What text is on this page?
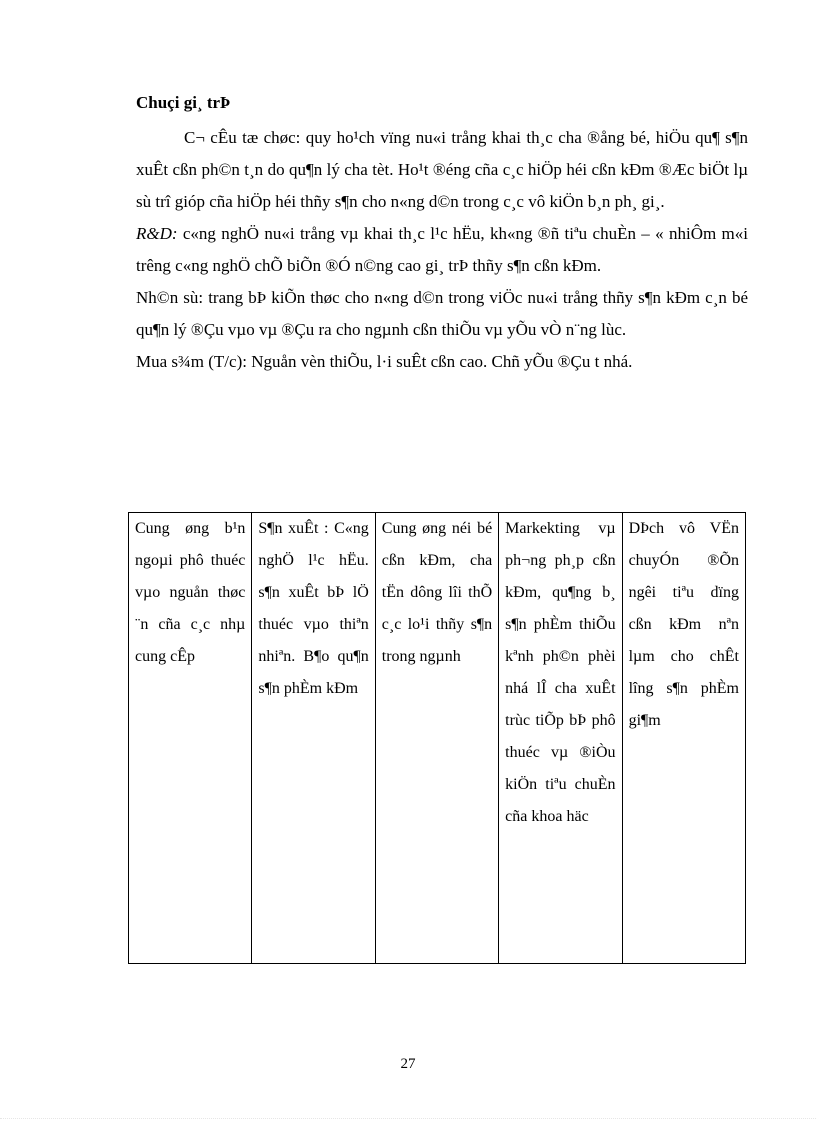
Chuçi gi¸ trÞ

C¬ cÊu tæ chøc: quy ho¹ch vïng nu«i trång khai th¸c cha ®ång bé, hiÖu qu¶ s¶n xuÊt cßn ph©n t¸n do qu¶n lý cha tèt. Ho¹t ®éng cña c¸c hiÖp héi cßn kÐm ®Æc biÖt lµ sù trî gióp cña hiÖp héi thñy s¶n cho n«ng d©n trong c¸c vô kiÖn b¸n ph¸ gi¸.

R&D: c«ng nghÖ nu«i trång vµ khai th¸c l¹c hËu, kh«ng ®ñ tiªu chuÈn – « nhiÔm m«i trêng c«ng nghÖ chÕ biÕn ®Ó n©ng cao gi¸ trÞ thñy s¶n cßn kÐm.

Nh©n sù: trang bÞ kiÕn thøc cho n«ng d©n trong viÖc nu«i trång thñy s¶n kÐm c¸n bé qu¶n lý ®Çu vµo vµ ®Çu ra cho ngµnh cßn thiÕu vµ yÕu vÒ n¨ng lùc.

Mua s¾m (T/c): Nguån vèn thiÕu, l·i suÊt cßn cao. Chñ yÕu ®Çu t nhá.

Cung øng b¹n ngoµi phô thuéc vµo nguån thøc ¨n cña c¸c nhµ cung cÊp	S¶n xuÊt : C«ng nghÖ l¹c hËu. s¶n xuÊt bÞ lÖ thuéc vµo thiªn nhiªn. B¶o qu¶n s¶n phÈm kÐm	Cung øng néi bé cßn kÐm, cha tËn dông lîi thÕ c¸c lo¹i thñy s¶n trong ngµnh	Markekting vµ ph¬ng ph¸p cßn kÐm, qu¶ng b¸ s¶n phÈm thiÕu kªnh ph©n phèi nhá lÎ cha xuÊt trùc tiÕp bÞ phô thuéc vµ ®iÒu kiÖn tiªu chuÈn cña khoa häc	DÞch vô VËn chuyÓn ®Õn ngêi tiªu dïng cßn kÐm nªn lµm cho chÊt lîng s¶n phÈm gi¶m
27
